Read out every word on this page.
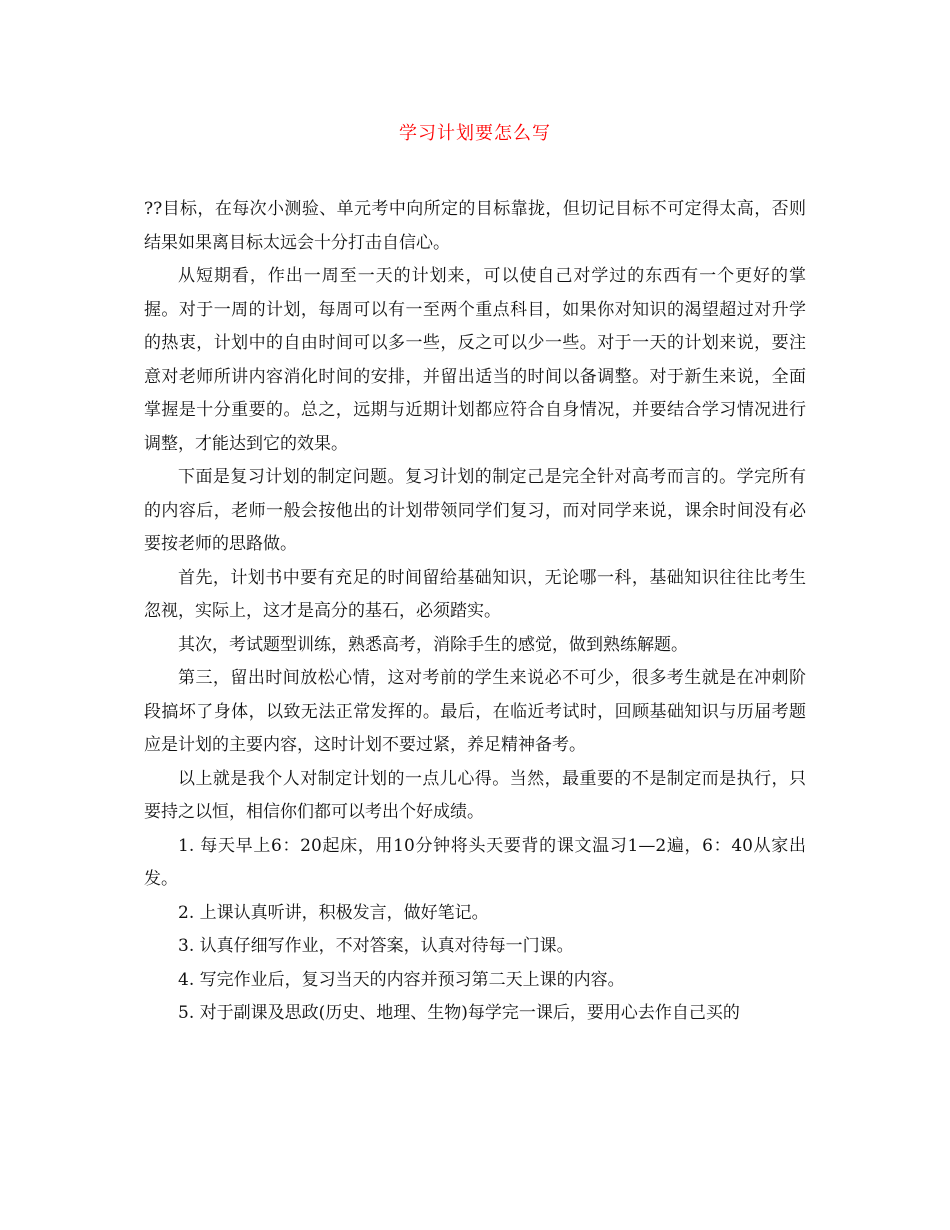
学习计划要怎么写

??目标，在每次小测验、单元考中向所定的目标靠拢，但切记目标不可定得太高，否则结果如果离目标太远会十分打击自信心。

从短期看，作出一周至一天的计划来，可以使自己对学过的东西有一个更好的掌握。对于一周的计划，每周可以有一至两个重点科目，如果你对知识的渴望超过对升学的热衷，计划中的自由时间可以多一些，反之可以少一些。对于一天的计划来说，要注意对老师所讲内容消化时间的安排，并留出适当的时间以备调整。对于新生来说，全面掌握是十分重要的。总之，远期与近期计划都应符合自身情况，并要结合学习情况进行调整，才能达到它的效果。

下面是复习计划的制定问题。复习计划的制定己是完全针对高考而言的。学完所有的内容后，老师一般会按他出的计划带领同学们复习，而对同学来说，课余时间没有必要按老师的思路做。

首先，计划书中要有充足的时间留给基础知识，无论哪一科，基础知识往往比考生忽视，实际上，这才是高分的基石，必须踏实。

其次，考试题型训练，熟悉高考，消除手生的感觉，做到熟练解题。

第三，留出时间放松心情，这对考前的学生来说必不可少，很多考生就是在冲刺阶段搞坏了身体，以致无法正常发挥的。最后，在临近考试时，回顾基础知识与历届考题应是计划的主要内容，这时计划不要过紧，养足精神备考。

以上就是我个人对制定计划的一点儿心得。当然，最重要的不是制定而是执行，只要持之以恒，相信你们都可以考出个好成绩。

1. 每天早上6：20起床，用10分钟将头天要背的课文温习1—2遍，6：40从家出发。

2. 上课认真听讲，积极发言，做好笔记。

3. 认真仔细写作业，不对答案，认真对待每一门课。

4. 写完作业后，复习当天的内容并预习第二天上课的内容。

5. 对于副课及思政(历史、地理、生物)每学完一课后，要用心去作自己买的
